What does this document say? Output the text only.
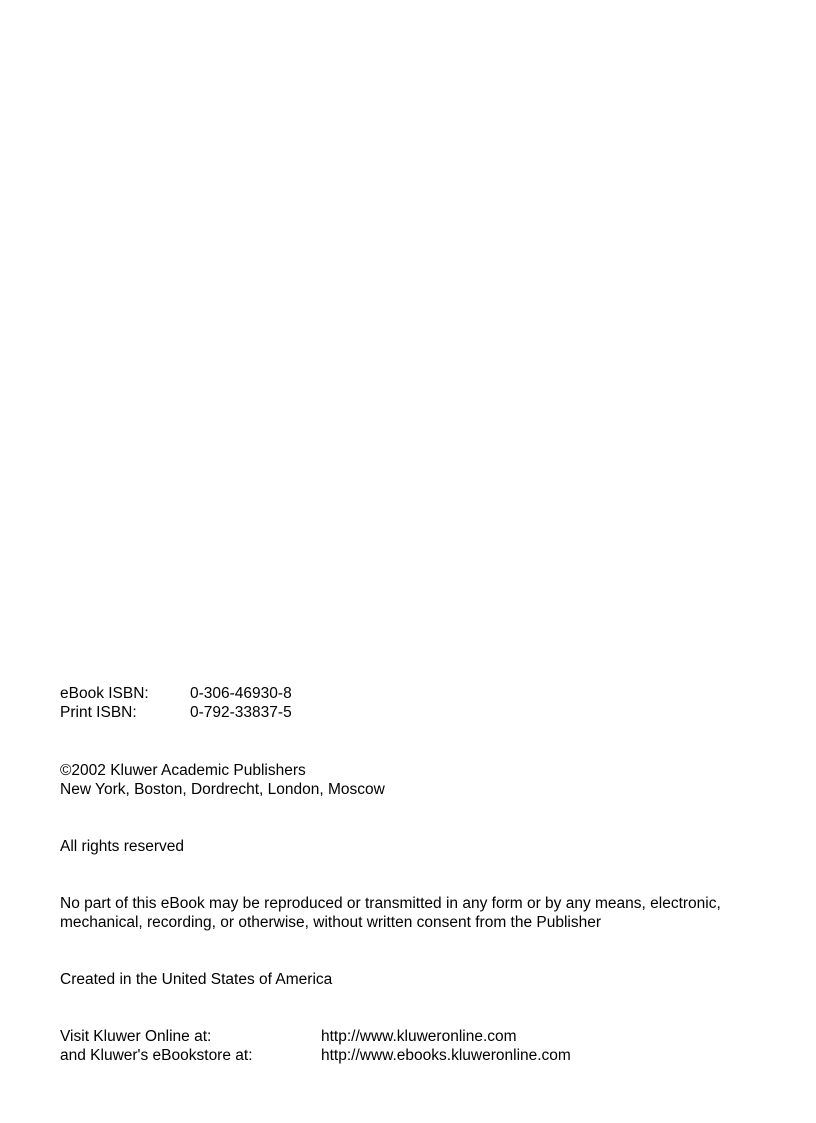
eBook ISBN:	0-306-46930-8
Print ISBN:	0-792-33837-5
©2002 Kluwer Academic Publishers
New York, Boston, Dordrecht, London, Moscow
All rights reserved
No part of this eBook may be reproduced or transmitted in any form or by any means, electronic,
mechanical, recording, or otherwise, without written consent from the Publisher
Created in the United States of America
Visit Kluwer Online at:	http://www.kluweronline.com
and Kluwer's eBookstore at:	http://www.ebooks.kluweronline.com
